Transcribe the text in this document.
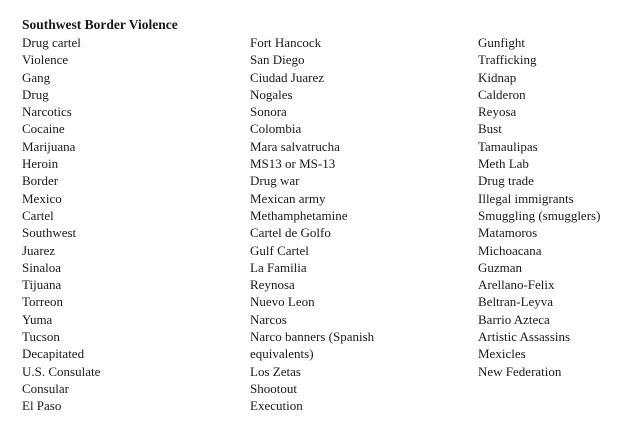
Southwest Border Violence
Drug cartel
Violence
Gang
Drug
Narcotics
Cocaine
Marijuana
Heroin
Border
Mexico
Cartel
Southwest
Juarez
Sinaloa
Tijuana
Torreon
Yuma
Tucson
Decapitated
U.S. Consulate
Consular
El Paso
Fort Hancock
San Diego
Ciudad Juarez
Nogales
Sonora
Colombia
Mara salvatrucha
MS13 or MS-13
Drug war
Mexican army
Methamphetamine
Cartel de Golfo
Gulf Cartel
La Familia
Reynosa
Nuevo Leon
Narcos
Narco banners (Spanish
equivalents)
Los Zetas
Shootout
Execution
Gunfight
Trafficking
Kidnap
Calderon
Reyosa
Bust
Tamaulipas
Meth Lab
Drug trade
Illegal immigrants
Smuggling (smugglers)
Matamoros
Michoacana
Guzman
Arellano-Felix
Beltran-Leyva
Barrio Azteca
Artistic Assassins
Mexicles
New Federation
